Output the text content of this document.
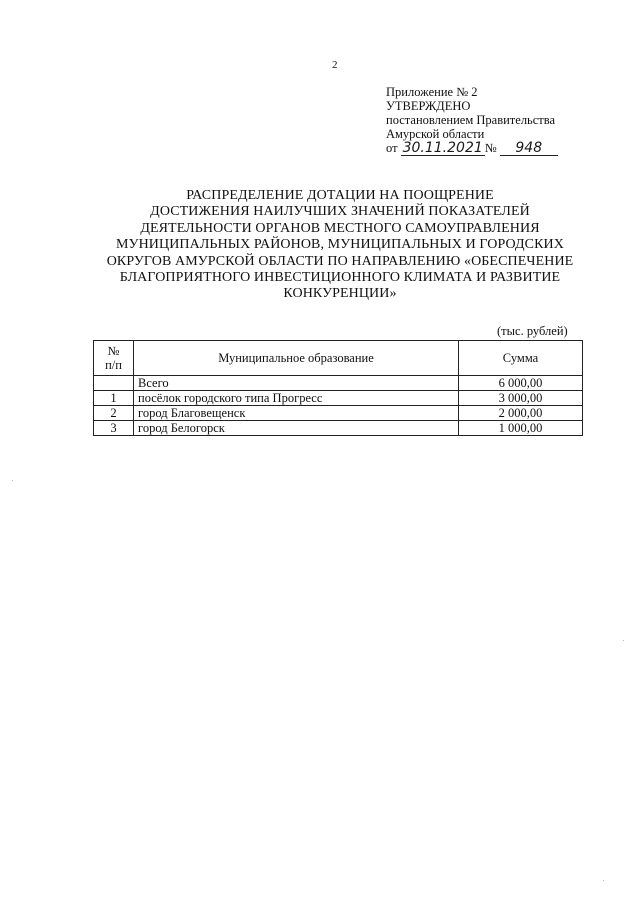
2
Приложение № 2
УТВЕРЖДЕНО
постановлением Правительства
Амурской области
от 30.11.2021 № 948
РАСПРЕДЕЛЕНИЕ ДОТАЦИИ НА ПООЩРЕНИЕ
ДОСТИЖЕНИЯ НАИЛУЧШИХ ЗНАЧЕНИЙ ПОКАЗАТЕЛЕЙ
ДЕЯТЕЛЬНОСТИ ОРГАНОВ МЕСТНОГО САМОУПРАВЛЕНИЯ
МУНИЦИПАЛЬНЫХ РАЙОНОВ, МУНИЦИПАЛЬНЫХ И ГОРОДСКИХ
ОКРУГОВ АМУРСКОЙ ОБЛАСТИ ПО НАПРАВЛЕНИЮ «ОБЕСПЕЧЕНИЕ
БЛАГОПРИЯТНОГО ИНВЕСТИЦИОННОГО КЛИМАТА И РАЗВИТИЕ
КОНКУРЕНЦИИ»
(тыс. рублей)
№
п/п	Муниципальное образование	Сумма
	Всего	6 000,00
1	посёлок городского типа Прогресс	3 000,00
2	город Благовещенск	2 000,00
3	город Белогорск	1 000,00
